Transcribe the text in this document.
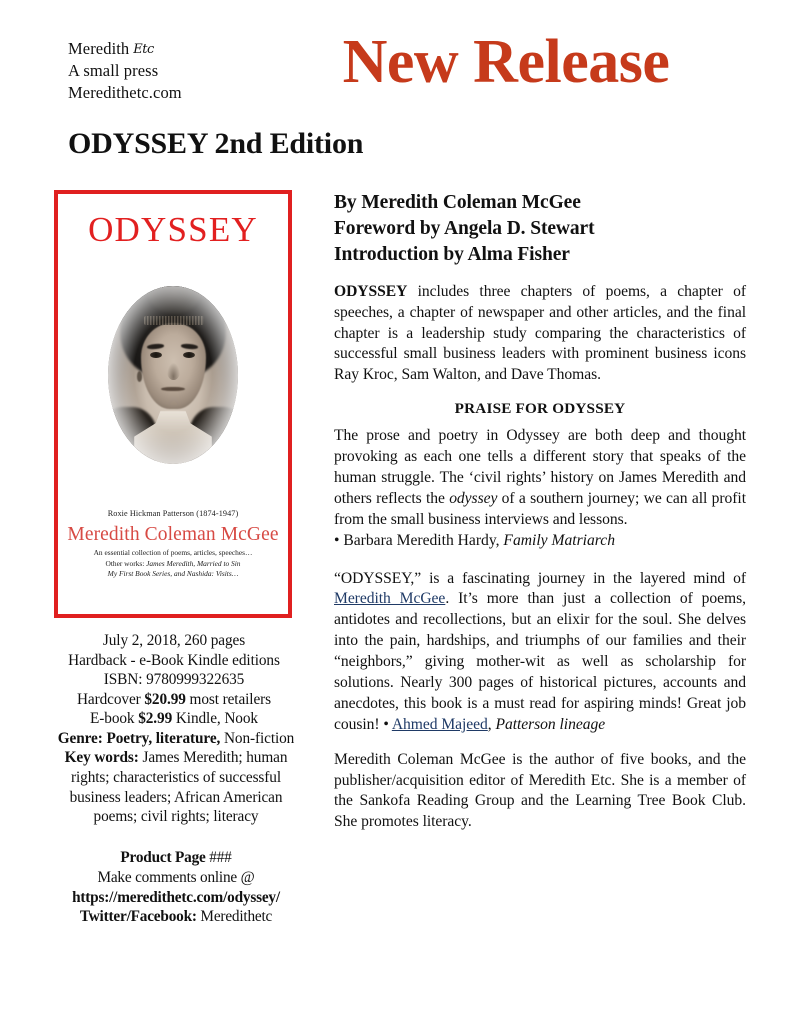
Meredith Etc
A small press
Meredithetc.com	New Release
ODYSSEY 2nd Edition
ODYSSEY
Roxie Hickman Patterson (1874-1947)
Meredith Coleman McGee
An essential collection of poems, articles, speeches…
Other works: James Meredith, Married to Sin
My First Book Series, and Nashida: Visits…
July 2, 2018, 260 pages
Hardback - e-Book Kindle editions
ISBN: 9780999322635
Hardcover $20.99 most retailers
E-book $2.99 Kindle, Nook
Genre: Poetry, literature, Non-fiction
Key words: James Meredith; human rights; characteristics of successful business leaders; African American poems; civil rights; literacy
Product Page ###
Make comments online @
https://meredithetc.com/odyssey/
Twitter/Facebook: Meredithetc
By Meredith Coleman McGee
Foreword by Angela D. Stewart
Introduction by Alma Fisher

ODYSSEY includes three chapters of poems, a chapter of speeches, a chapter of newspaper and other articles, and the final chapter is a leadership study comparing the characteristics of successful small business leaders with prominent business icons Ray Kroc, Sam Walton, and Dave Thomas.

PRAISE FOR ODYSSEY

The prose and poetry in Odyssey are both deep and thought provoking as each one tells a different story that speaks of the human struggle. The ‘civil rights’ history on James Meredith and others reflects the odyssey of a southern journey; we can all profit from the small business interviews and lessons.

• Barbara Meredith Hardy, Family Matriarch

“ODYSSEY,” is a fascinating journey in the layered mind of Meredith McGee. It’s more than just a collection of poems, antidotes and recollections, but an elixir for the soul. She delves into the pain, hardships, and triumphs of our families and their “neighbors,” giving mother-wit as well as scholarship for solutions. Nearly 300 pages of historical pictures, accounts and anecdotes, this book is a must read for aspiring minds! Great job cousin! • Ahmed Majeed, Patterson lineage

Meredith Coleman McGee is the author of five books, and the publisher/acquisition editor of Meredith Etc. She is a member of the Sankofa Reading Group and the Learning Tree Book Club. She promotes literacy.
